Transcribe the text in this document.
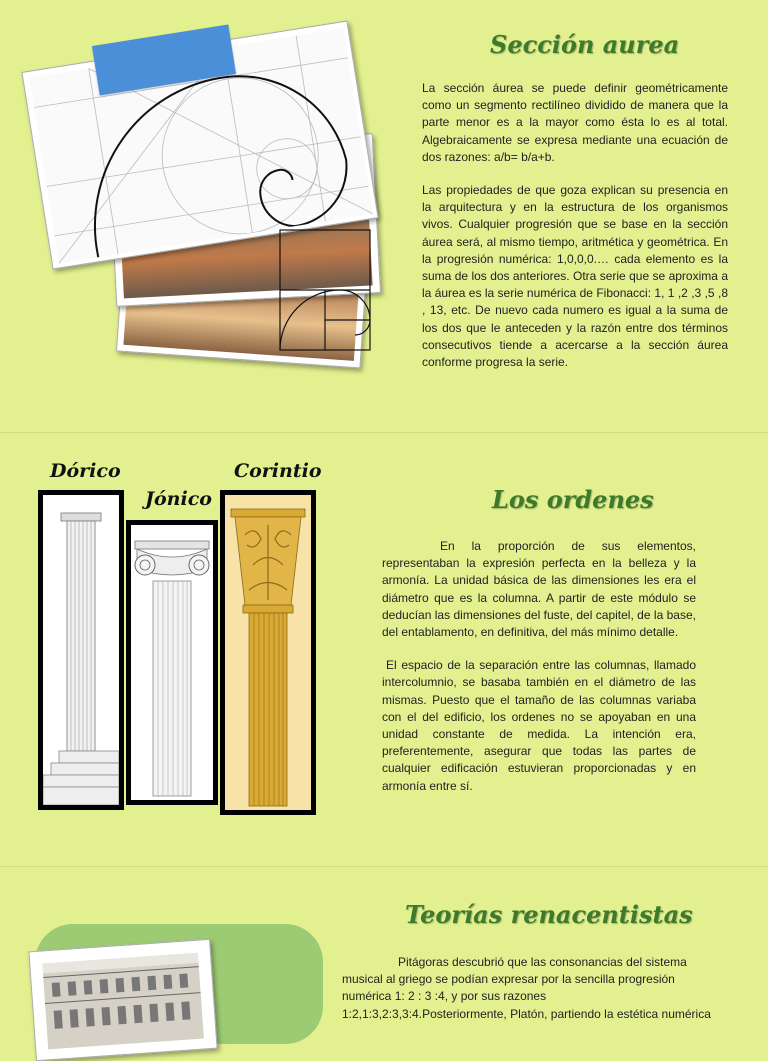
Sección aurea

La sección áurea se puede definir geométricamente como un segmento rectilíneo dividido de manera que la parte menor es a la mayor como ésta lo es al total. Algebraicamente se expresa mediante una ecuación de dos razones: a/b= b/a+b.

Las propiedades de que goza explican su presencia en la arquitectura y en la estructura de los organismos vivos. Cualquier progresión que se base en la sección áurea será, al mismo tiempo, aritmética y geométrica. En la progresión numérica: 1,0,0,0.… cada elemento es la suma de los dos anteriores. Otra serie que se aproxima a la áurea es la serie numérica de Fibonacci: 1, 1 ,2 ,3 ,5 ,8 , 13, etc. De nuevo cada numero es igual a la suma de los dos que le anteceden y la razón entre dos términos consecutivos tiende a acercarse a la sección áurea conforme progresa la serie.

Dórico
Jónico
Corintio
Los ordenes

En la proporción de sus elementos, representaban la expresión perfecta en la belleza y la armonía. La unidad básica de las dimensiones les era el diámetro que es la columna. A partir de este módulo se deducían las dimensiones del fuste, del capitel, de la base, del entablamento, en definitiva, del más mínimo detalle.

El espacio de la separación entre las columnas, llamado intercolumnio, se basaba también en el diámetro de las mismas. Puesto que el tamaño de las columnas variaba con el del edificio, los ordenes no se apoyaban en una unidad constante de medida. La intención era, preferentemente, asegurar que todas las partes de cualquier edificación estuvieran proporcionadas y en armonía entre sí.

Teorías renacentistas

Pitágoras descubrió que las consonancias del sistema musical al griego se podían expresar por la sencilla progresión numérica 1: 2 : 3 :4, y por sus razones 1:2,1:3,2:3,3:4.Posteriormente, Platón, partiendo la estética numérica
